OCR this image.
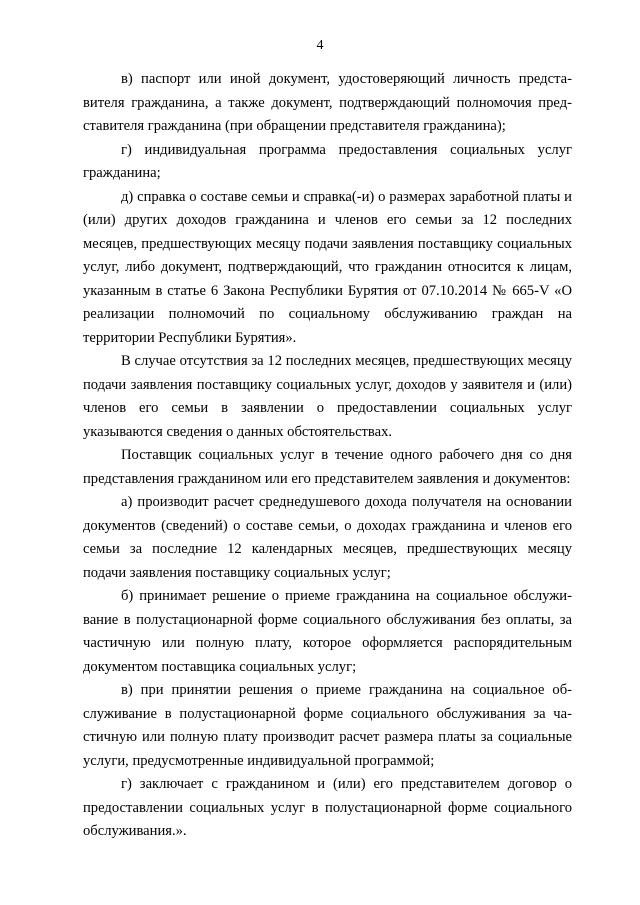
4

в) паспорт или иной документ, удостоверяющий личность представителя гражданина, а также документ, подтверждающий полномочия представителя гражданина (при обращении представителя гражданина);

г) индивидуальная программа предоставления социальных услуг гражданина;

д) справка о составе семьи и справка(-и) о размерах заработной платы и (или) других доходов гражданина и членов его семьи за 12 последних месяцев, предшествующих месяцу подачи заявления поставщику социальных услуг, либо документ, подтверждающий, что гражданин относится к лицам, указанным в статье 6 Закона Республики Бурятия от 07.10.2014 № 665-V «О реализации полномочий по социальному обслуживанию граждан на территории Республики Бурятия».

В случае отсутствия за 12 последних месяцев, предшествующих месяцу подачи заявления поставщику социальных услуг, доходов у заявителя и (или) членов его семьи в заявлении о предоставлении социальных услуг указываются сведения о данных обстоятельствах.

Поставщик социальных услуг в течение одного рабочего дня со дня представления гражданином или его представителем заявления и документов:

а) производит расчет среднедушевого дохода получателя на основании документов (сведений) о составе семьи, о доходах гражданина и членов его семьи за последние 12 календарных месяцев, предшествующих месяцу подачи заявления поставщику социальных услуг;

б) принимает решение о приеме гражданина на социальное обслуживание в полустационарной форме социального обслуживания без оплаты, за частичную или полную плату, которое оформляется распорядительным документом поставщика социальных услуг;

в) при принятии решения о приеме гражданина на социальное обслуживание в полустационарной форме социального обслуживания за частичную или полную плату производит расчет размера платы за социальные услуги, предусмотренные индивидуальной программой;

г) заключает с гражданином и (или) его представителем договор о предоставлении социальных услуг в полустационарной форме социального обслуживания.».
